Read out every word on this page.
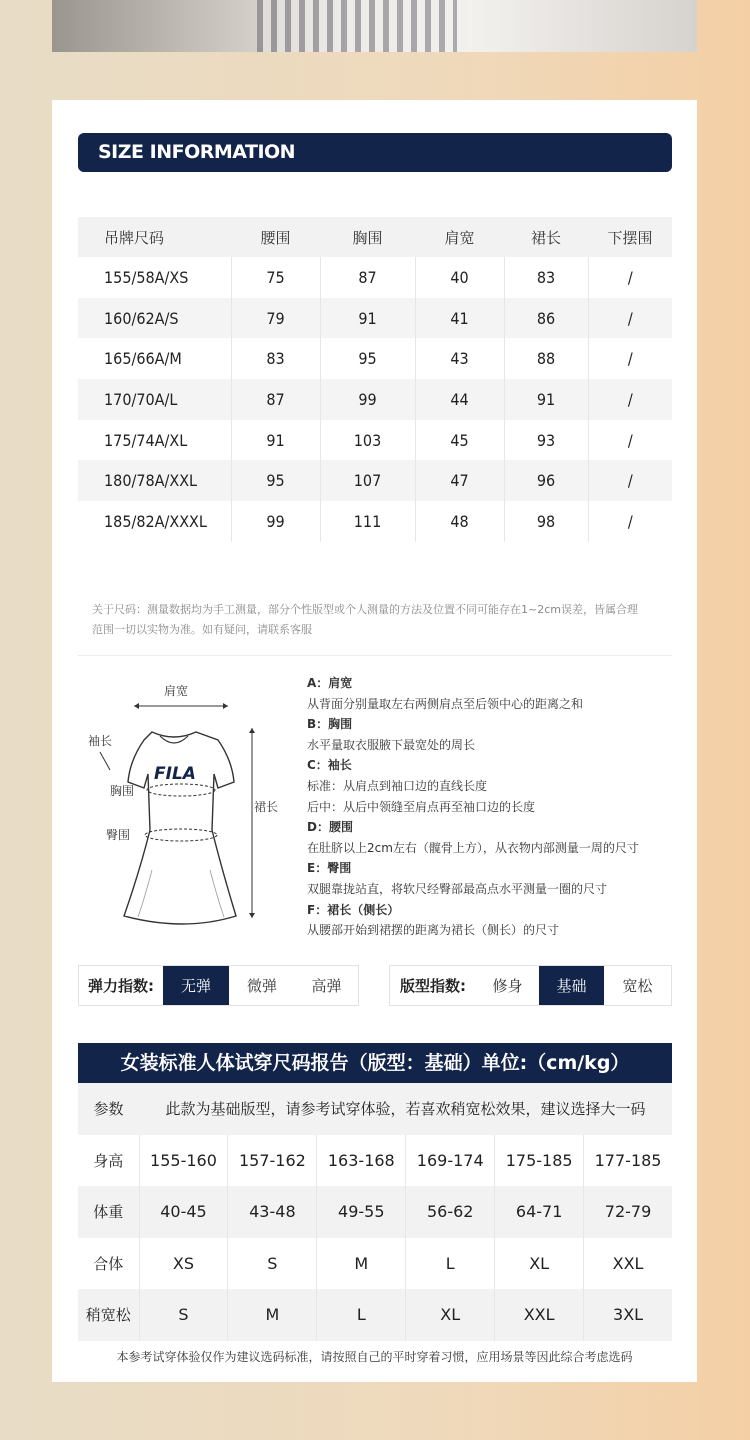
SIZE INFORMATION
吊牌尺码	腰围	胸围	肩宽	裙长	下摆围
155/58A/XS	75	87	40	83	/
160/62A/S	79	91	41	86	/
165/66A/M	83	95	43	88	/
170/70A/L	87	99	44	91	/
175/74A/XL	91	103	45	93	/
180/78A/XXL	95	107	47	96	/
185/82A/XXXL	99	111	48	98	/
关于尺码：测量数据均为手工测量，部分个性版型或个人测量的方法及位置不同可能存在1~2cm误差，皆属合理
范围一切以实物为准。如有疑问，请联系客服
肩宽
袖长
胸围
臀围
裙长
FILA
A：肩宽
从背面分别量取左右两侧肩点至后领中心的距离之和
B：胸围
水平量取衣服腋下最宽处的周长
C：袖长
标准：从肩点到袖口边的直线长度
后中：从后中领缝至肩点再至袖口边的长度
D：腰围
在肚脐以上2cm左右（髋骨上方），从衣物内部测量一周的尺寸
E：臀围
双腿靠拢站直，将软尺经臀部最高点水平测量一圈的尺寸
F：裙长（侧长）
从腰部开始到裙摆的距离为裙长（侧长）的尺寸
弹力指数:	无弹	微弹	高弹	版型指数:	修身	基础	宽松
女装标准人体试穿尺码报告（版型：基础）单位:（cm/kg）
参数	此款为基础版型，请参考试穿体验，若喜欢稍宽松效果，建议选择大一码					
身高	155-160	157-162	163-168	169-174	175-185	177-185
体重	40-45	43-48	49-55	56-62	64-71	72-79
合体	XS	S	M	L	XL	XXL
稍宽松	S	M	L	XL	XXL	3XL
本参考试穿体验仅作为建议选码标准，请按照自己的平时穿着习惯，应用场景等因此综合考虑选码
